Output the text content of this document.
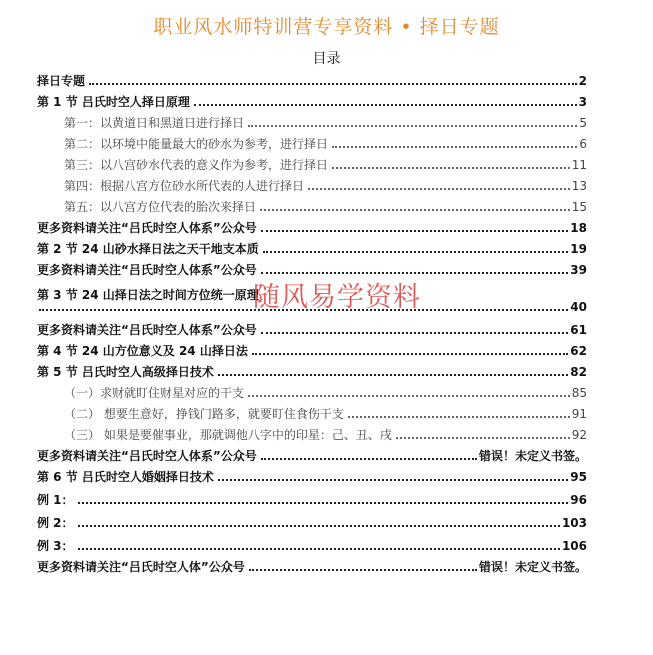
职业风水师特训营专享资料 • 择日专题
目录
择日专题	2
第 1 节 吕氏时空人择日原理	3
第一：以黄道日和黑道日进行择日	5
第二：以环境中能量最大的砂水为参考，进行择日	6
第三：以八宫砂水代表的意义作为参考，进行择日	11
第四：根据八宫方位砂水所代表的人进行择日	13
第五：以八宫方位代表的胎次来择日	15
更多资料请关注“吕氏时空人体系”公众号	18
第 2 节 24 山砂水择日法之天干地支本质	19
更多资料请关注“吕氏时空人体系”公众号	39
第 3 节 24 山择日法之时间方位统一原理
40
更多资料请关注“吕氏时空人体系”公众号	61
第 4 节 24 山方位意义及 24 山择日法	62
第 5 节 吕氏时空人高级择日技术	82
（一）求财就盯住财星对应的干支	85
（二） 想要生意好，挣钱门路多，就要盯住食伤干支	91
（三） 如果是要催事业，那就调他八字中的印星：己、丑、戌	92
更多资料请关注“吕氏时空人体系”公众号	错误！未定义书签。
第 6 节 吕氏时空人婚姻择日技术	95
例 1：	96
例 2：	103
例 3：	106
更多资料请关注“吕氏时空人体”公众号	错误！未定义书签。
随风易学资料
